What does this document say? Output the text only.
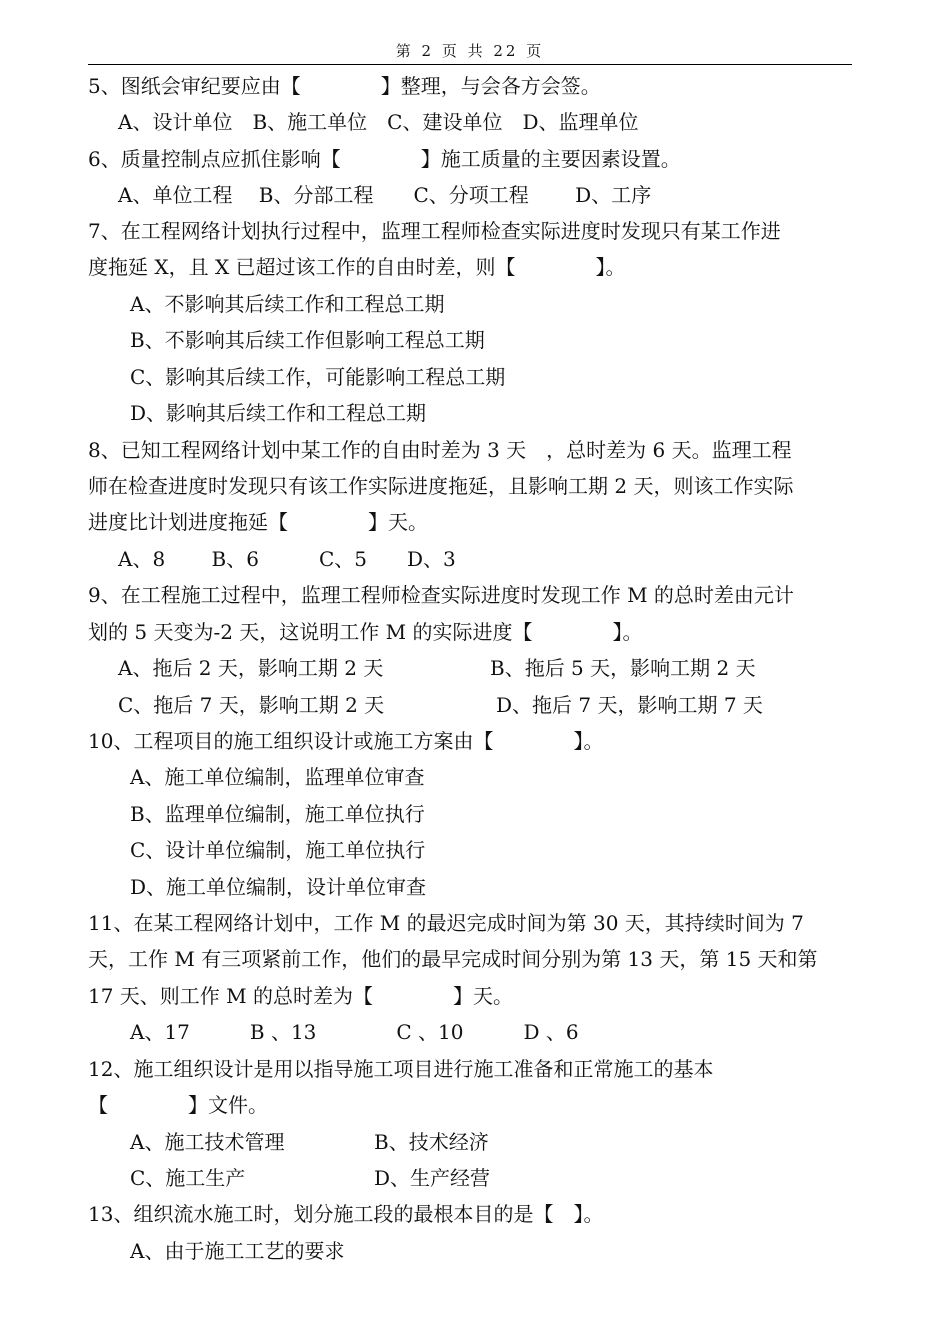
第 2 页 共 22 页
5、图纸会审纪要应由【　　　　】整理，与会各方会签。
A、设计单位　B、施工单位　C、建设单位　D、监理单位
6、质量控制点应抓住影响【　　　　】施工质量的主要因素设置。
A、单位工程　 B、分部工程　　C、分项工程　　 D、工序
7、在工程网络计划执行过程中，监理工程师检查实际进度时发现只有某工作进
度拖延 X，且 X 已超过该工作的自由时差，则【　　　　】。
A、不影响其后续工作和工程总工期
B、不影响其后续工作但影响工程总工期
C、影响其后续工作，可能影响工程总工期
D、影响其后续工作和工程总工期
8、已知工程网络计划中某工作的自由时差为 3 天　，总时差为 6 天。监理工程
师在检查进度时发现只有该工作实际进度拖延，且影响工期 2 天，则该工作实际
进度比计划进度拖延【　　　　】天。
A、8　　 B、6　　　C、5　　D、3
9、在工程施工过程中，监理工程师检查实际进度时发现工作 M 的总时差由元计
划的 5 天变为-2 天，这说明工作 M 的实际进度【　　　　】。
A、拖后 2 天，影响工期 2 天	B、拖后 5 天，影响工期 2 天
C、拖后 7 天，影响工期 2 天	D、拖后 7 天，影响工期 7 天
10、工程项目的施工组织设计或施工方案由【　　　　】。
A、施工单位编制，监理单位审查
B、监理单位编制，施工单位执行
C、设计单位编制，施工单位执行
D、施工单位编制，设计单位审查
11、在某工程网络计划中，工作 M 的最迟完成时间为第 30 天，其持续时间为 7
天，工作 M 有三项紧前工作，他们的最早完成时间分别为第 13 天，第 15 天和第
17 天、则工作 M 的总时差为【　　　　】天。
A、17　　　B 、13　　　　C 、10　　　D 、6
12、施工组织设计是用以指导施工项目进行施工准备和正常施工的基本
【　　　　】文件。
A、施工技术管理	B、技术经济
C、施工生产	D、生产经营
13、组织流水施工时，划分施工段的最根本目的是【　】。
A、由于施工工艺的要求
